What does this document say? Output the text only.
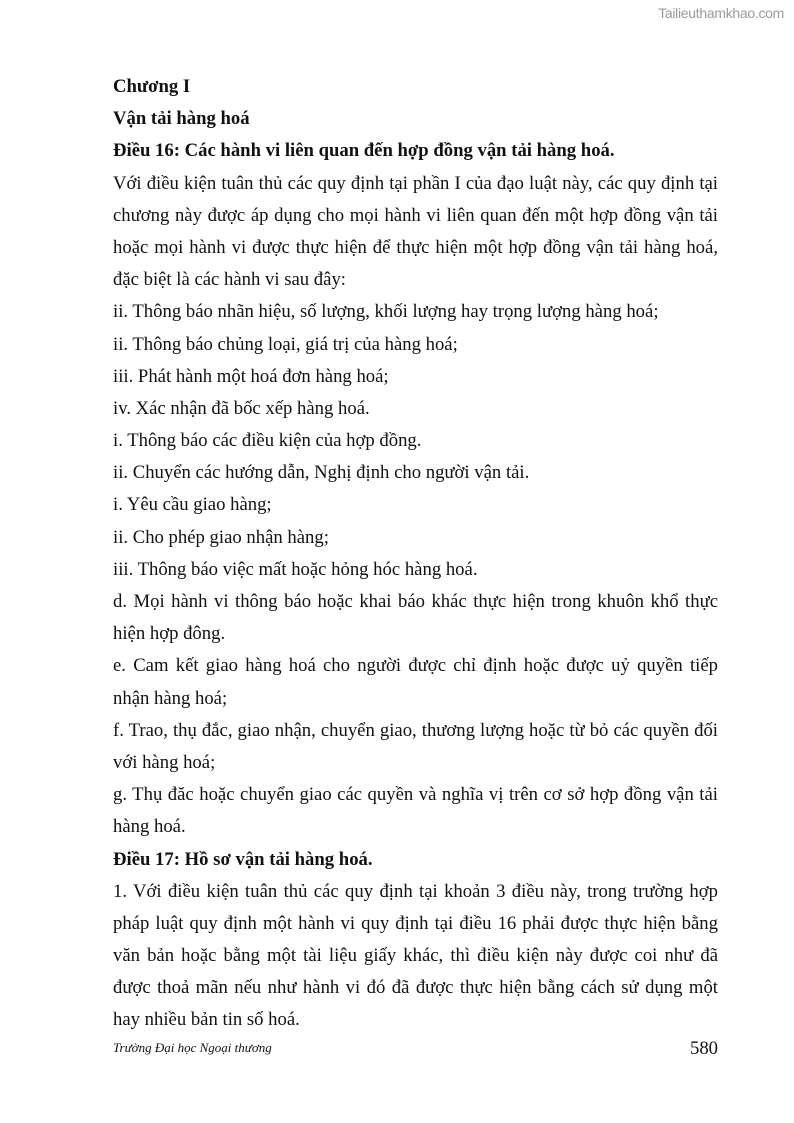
Tailieuthamkhao.com
Chương I
Vận tải hàng hoá
Điều 16: Các hành vi liên quan đến hợp đồng vận tải hàng hoá.
Với điều kiện tuân thủ các quy định tại phần I của đạo luật này, các quy định tại
chương này được áp dụng cho mọi hành vi liên quan đến một hợp đồng vận tải
hoặc mọi hành vi được thực hiện để thực hiện một hợp đồng vận tải hàng hoá,
đặc biệt là các hành vi sau đây:
ii. Thông báo nhãn hiệu, số lượng, khối lượng hay trọng lượng hàng hoá;
ii. Thông báo chủng loại, giá trị của hàng hoá;
iii. Phát hành một hoá đơn hàng hoá;
iv. Xác nhận đã bốc xếp hàng hoá.
i. Thông báo các điều kiện của hợp đồng.
ii. Chuyển các hướng dẫn, Nghị định cho người vận tải.
i. Yêu cầu giao hàng;
ii. Cho phép giao nhận hàng;
iii. Thông báo việc mất hoặc hỏng hóc hàng hoá.
d. Mọi hành vi thông báo hoặc khai báo khác thực hiện trong khuôn khổ thực
hiện hợp đông.
e. Cam kết giao hàng hoá cho người được chỉ định hoặc được uỷ quyền tiếp
nhận hàng hoá;
f. Trao, thụ đắc, giao nhận, chuyển giao, thương lượng hoặc từ bỏ các quyền đối
với hàng hoá;
g. Thụ đăc hoặc chuyển giao các quyền và nghĩa vị trên cơ sở hợp đồng vận tải
hàng hoá.
Điều 17: Hồ sơ vận tải hàng hoá.
1. Với điều kiện tuân thủ các quy định tại khoản 3 điều này, trong trường hợp
pháp luật quy định một hành vi quy định tại điều 16 phải được thực hiện bằng
văn bản hoặc bằng một tài liệu giấy khác, thì điều kiện này được coi như đã
được thoả mãn nếu như hành vi đó đã được thực hiện bằng cách sử dụng một
hay nhiều bản tin số hoá.
Trường Đại học Ngoại thương	580
